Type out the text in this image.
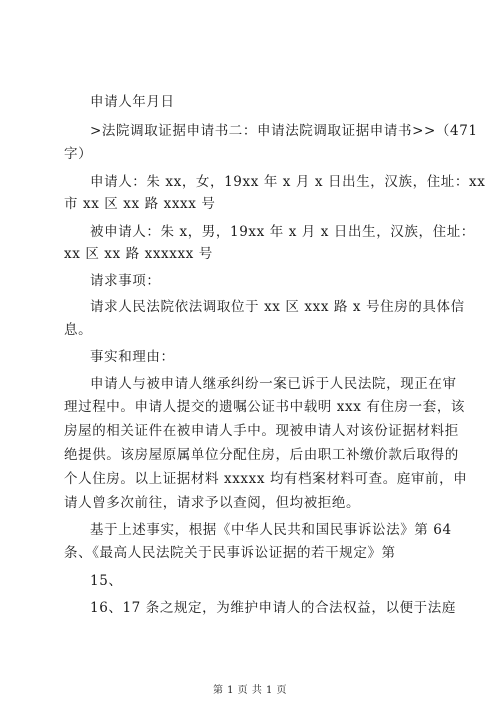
申请人年月日
>法院调取证据申请书二：申请法院调取证据申请书>>（471
字）
申请人：朱 xx，女，19xx 年 x 月 x 日出生，汉族，住址：xx
市 xx 区 xx 路 xxxx 号
被申请人：朱 x，男，19xx 年 x 月 x 日出生，汉族，住址：
xx 区 xx 路 xxxxxx 号
请求事项：
请求人民法院依法调取位于 xx 区 xxx 路 x 号住房的具体信
息。
事实和理由：
申请人与被申请人继承纠纷一案已诉于人民法院，现正在审
理过程中。申请人提交的遗嘱公证书中载明 xxx 有住房一套，该
房屋的相关证件在被申请人手中。现被申请人对该份证据材料拒
绝提供。该房屋原属单位分配住房，后由职工补缴价款后取得的
个人住房。以上证据材料 xxxxx 均有档案材料可查。庭审前，申
请人曾多次前往，请求予以查阅，但均被拒绝。
基于上述事实，根据《中华人民共和国民事诉讼法》第 64
条、《最高人民法院关于民事诉讼证据的若干规定》第
15、
16、17 条之规定，为维护申请人的合法权益，以便于法庭
第 1 页 共 1 页
